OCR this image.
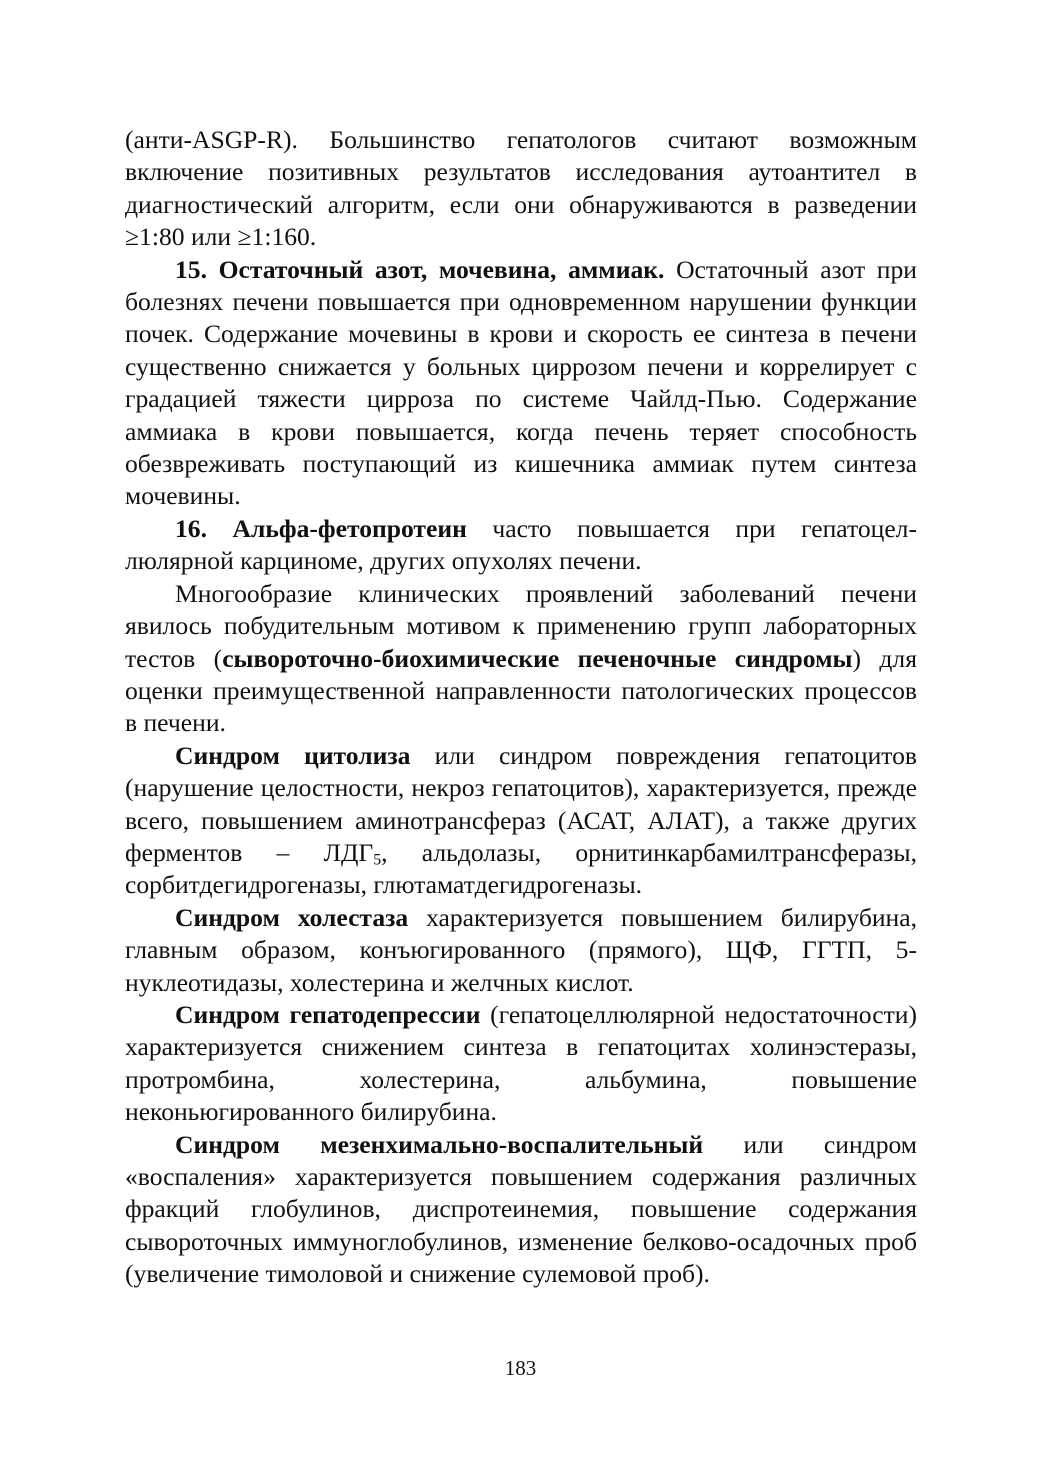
(анти-ASGP-R). Большинство гепатологов считают возможным включение позитивных результатов исследования аутоантител в диагностический алгоритм, если они обнаруживаются в разведении ≥1:80 или ≥1:160.

15. Остаточный азот, мочевина, аммиак. Остаточный азот при болезнях печени повышается при одновременном нарушении функции почек. Содержание мочевины в крови и скорость ее синтеза в печени существенно снижается у больных циррозом печени и коррелирует с градацией тяжести цирроза по системе Чайлд-Пью. Содержание аммиака в крови повышается, когда печень теряет способность обезвреживать поступающий из кишечника аммиак путем синтеза мочевины.

16. Альфа-фетопротеин часто повышается при гепатоцеллюлярной карциноме, других опухолях печени.

Многообразие клинических проявлений заболеваний печени явилось побудительным мотивом к применению групп лабораторных тестов (сывороточно-биохимические печеночные синдромы) для оценки преимущественной направленности патологических процессов в печени.

Синдром цитолиза или синдром повреждения гепатоцитов (нарушение целостности, некроз гепатоцитов), характеризуется, прежде всего, повышением аминотрансфераз (АСАТ, АЛАТ), а также других ферментов – $ЛДГ_5$, альдолазы, орнитинкарбамилтрансферазы, сорбитдегидрогеназы, глютаматдегидрогеназы.

Синдром холестаза характеризуется повышением билирубина, главным образом, конъюгированного (прямого), ЩФ, ГГТП, 5-нуклеотидазы, холестерина и желчных кислот.

Синдром гепатодепрессии (гепатоцеллюлярной недостаточности) характеризуется снижением синтеза в гепатоцитах холинэстеразы, протромбина, холестерина, альбумина, повышение неконьюгированного билирубина.

Синдром мезенхимально-воспалительный или синдром «воспаления» характеризуется повышением содержания различных фракций глобулинов, диспротеинемия, повышение содержания сывороточных иммуноглобулинов, изменение белково-осадочных проб (увеличение тимоловой и снижение сулемовой проб).

183
